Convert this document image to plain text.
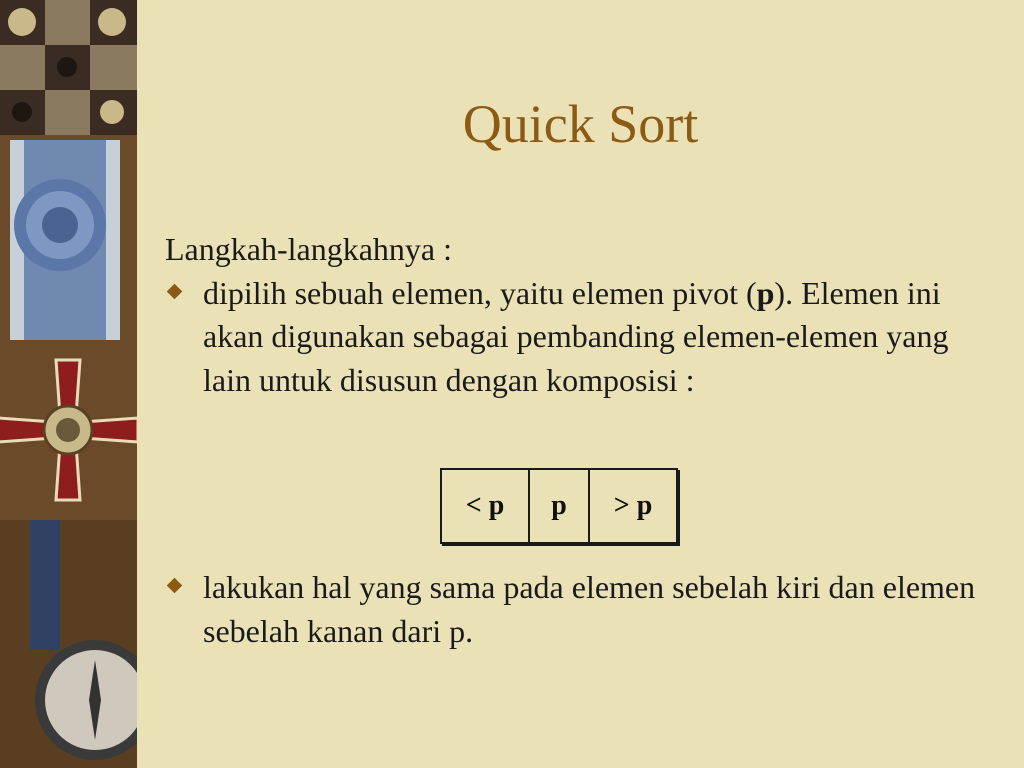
Quick Sort

Langkah-langkahnya :

dipilih sebuah elemen, yaitu elemen pivot (p). Elemen ini akan digunakan sebagai pembanding elemen-elemen yang lain untuk disusun dengan komposisi :

< p	p	> p

lakukan hal yang sama pada elemen sebelah kiri dan elemen sebelah kanan dari p.
